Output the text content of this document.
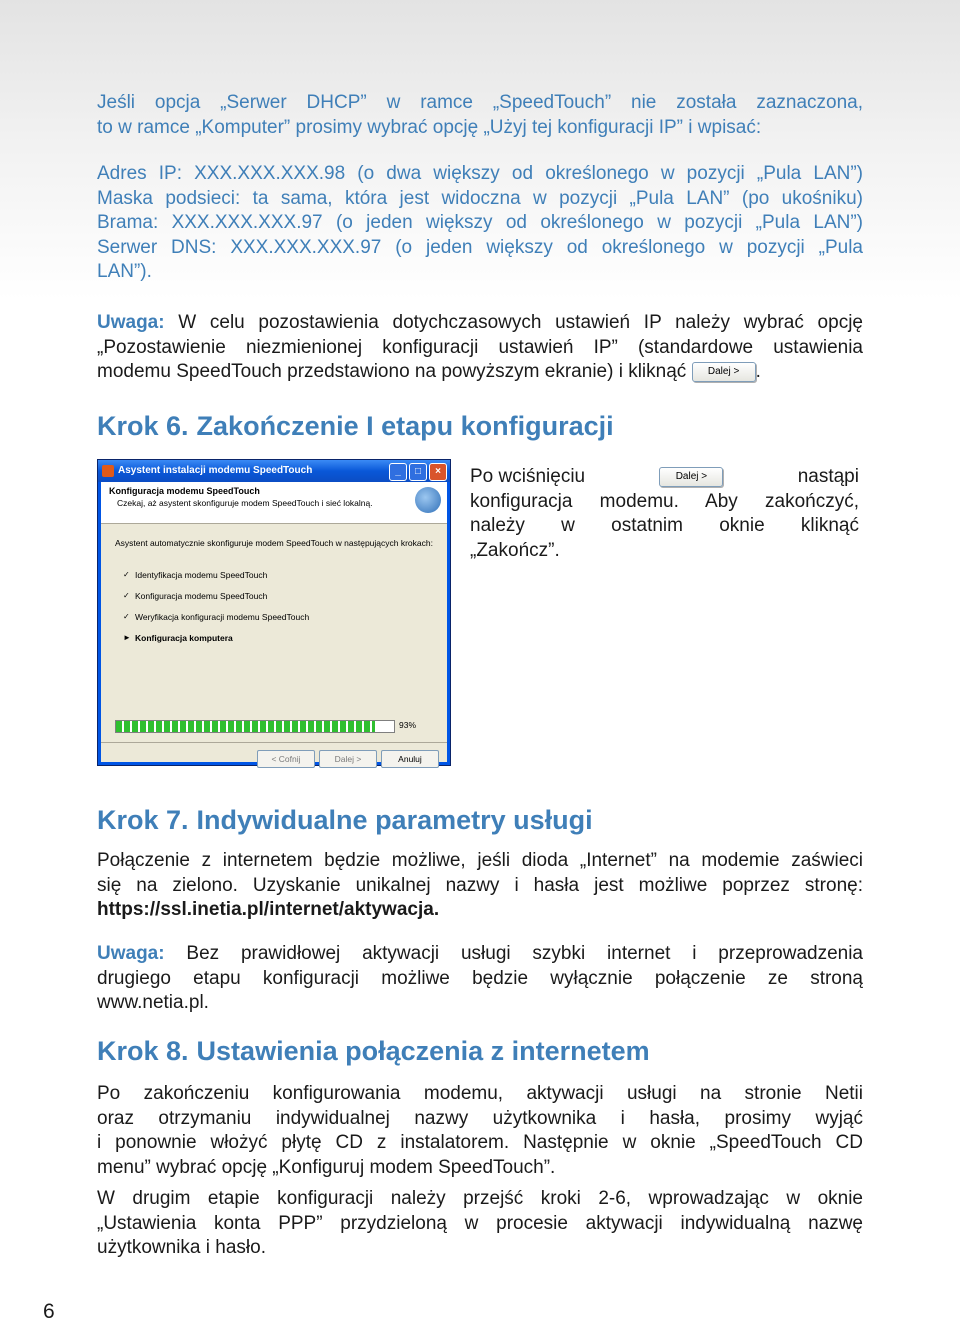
Jeśli opcja „Serwer DHCP” w ramce „SpeedTouch” nie została zaznaczona,
to w ramce „Komputer” prosimy wybrać opcję „Użyj tej konfiguracji IP” i wpisać:
Adres IP: XXX.XXX.XXX.98 (o dwa większy od określonego w pozycji „Pula LAN”)
Maska podsieci: ta sama, która jest widoczna w pozycji „Pula LAN” (po ukośniku)
Brama: XXX.XXX.XXX.97 (o jeden większy od określonego w pozycji „Pula LAN”)
Serwer DNS: XXX.XXX.XXX.97 (o jeden większy od określonego w pozycji „Pula
LAN”).
Uwaga: W celu pozostawienia dotychczasowych ustawień IP należy wybrać opcję
„Pozostawienie niezmienionej konfiguracji ustawień IP” (standardowe ustawienia
modemu SpeedTouch przedstawiono na powyższym ekranie) i kliknąć Dalej > .
Krok 6. Zakończenie I etapu konfiguracji
Asystent instalacji modemu SpeedTouch	_	□	×
Konfiguracja modemu SpeedTouch
Czekaj, aż asystent skonfiguruje modem SpeedTouch i sieć lokalną.
Asystent automatycznie skonfiguruje modem SpeedTouch w następujących krokach:
✓ Identyfikacja modemu SpeedTouch
✓ Konfiguracja modemu SpeedTouch
✓ Weryfikacja konfiguracji modemu SpeedTouch
► Konfiguracja komputera
93%
< Cofnij	Dalej >	Anuluj
Po wciśnięciu	Dalej >	nastąpi
konfiguracja modemu. Aby zakończyć,
należy w ostatnim oknie kliknąć
„Zakończ”.
Krok 7. Indywidualne parametry usługi
Połączenie z internetem będzie możliwe, jeśli dioda „Internet” na modemie zaświeci
się na zielono. Uzyskanie unikalnej nazwy i hasła jest możliwe poprzez stronę:
https://ssl.inetia.pl/internet/aktywacja.
Uwaga: Bez prawidłowej aktywacji usługi szybki internet i przeprowadzenia
drugiego etapu konfiguracji możliwe będzie wyłącznie połączenie ze stroną
www.netia.pl.
Krok 8. Ustawienia połączenia z internetem
Po zakończeniu konfigurowania modemu, aktywacji usługi na stronie Netii
oraz otrzymaniu indywidualnej nazwy użytkownika i hasła, prosimy wyjąć
i ponownie włożyć płytę CD z instalatorem. Następnie w oknie „SpeedTouch CD
menu” wybrać opcję „Konfiguruj modem SpeedTouch”.
W drugim etapie konfiguracji należy przejść kroki 2-6, wprowadzając w oknie
„Ustawienia konta PPP” przydzieloną w procesie aktywacji indywidualną nazwę
użytkownika i hasło.
6
